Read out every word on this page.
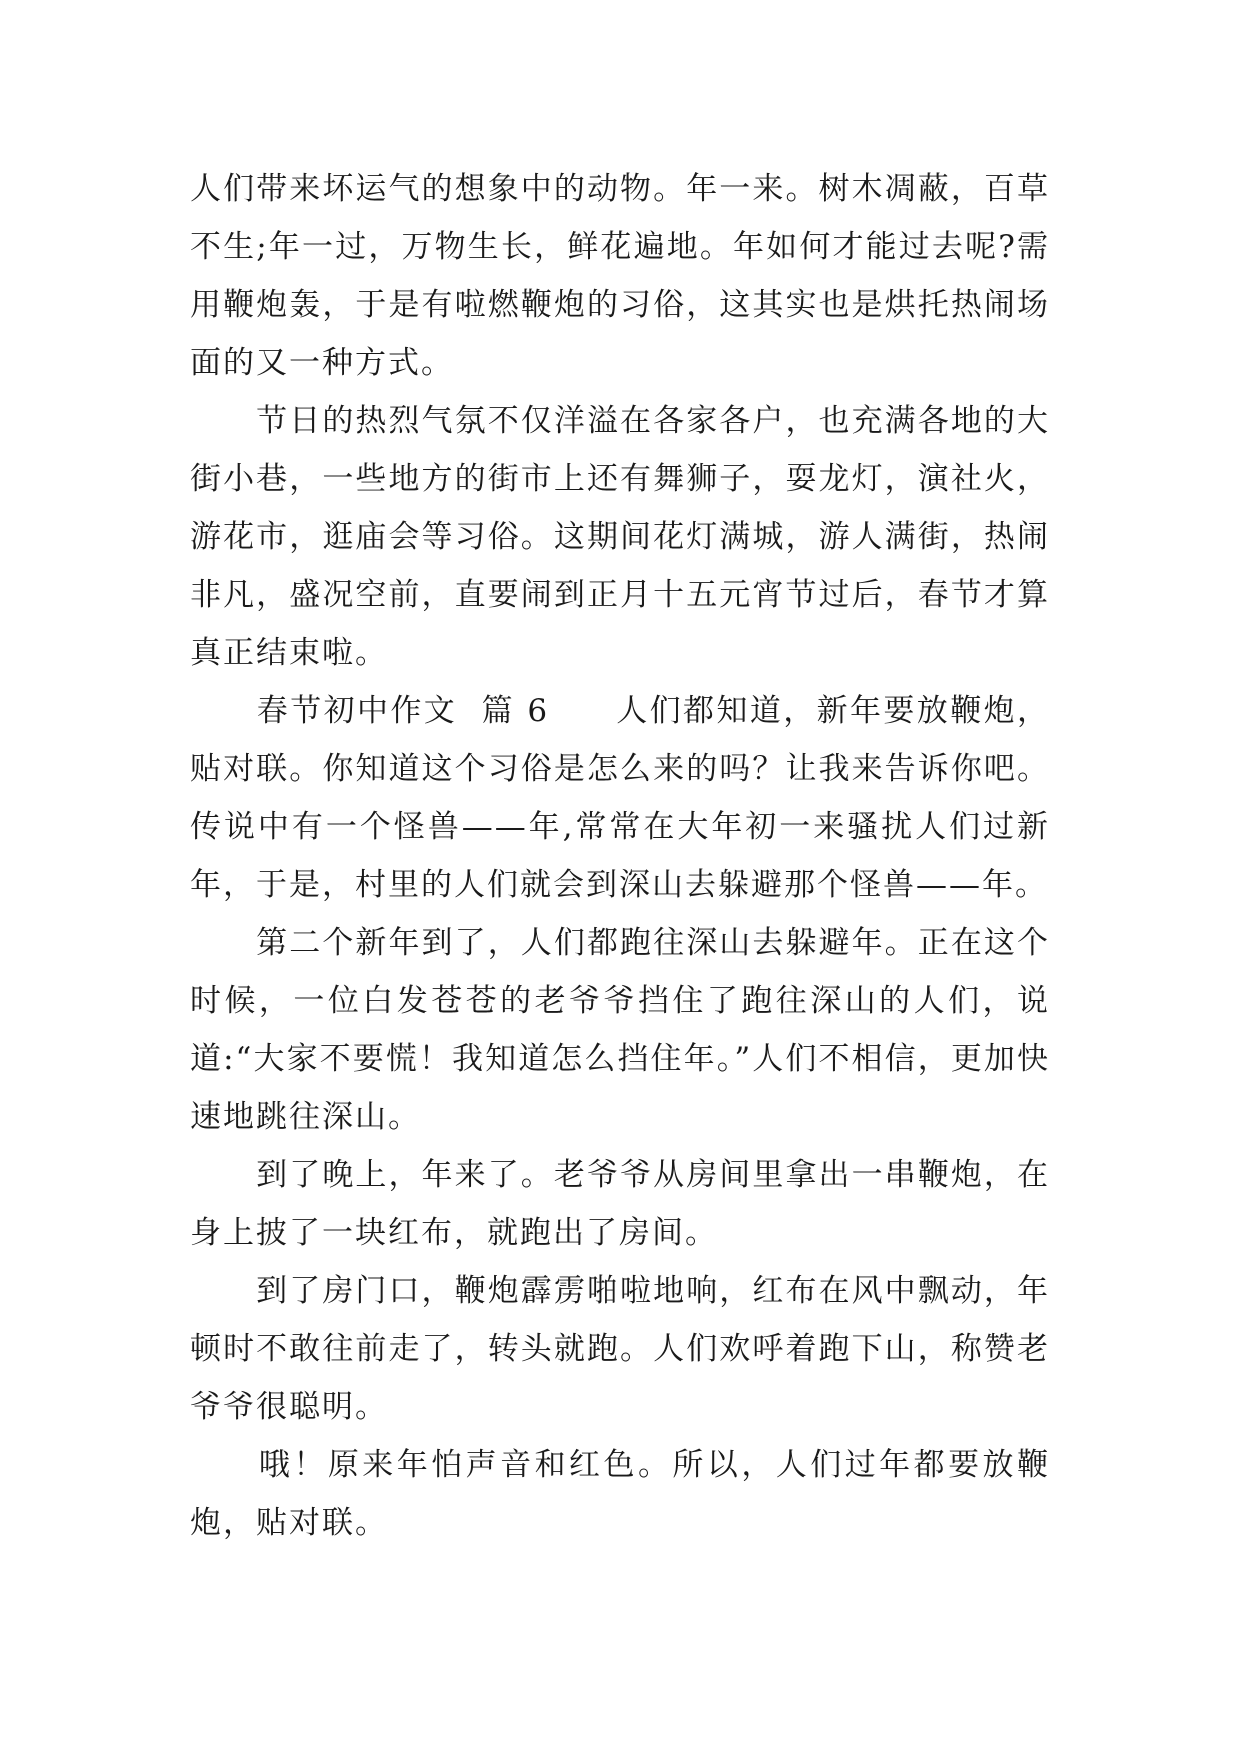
人们带来坏运气的想象中的动物。年一来。树木凋蔽，百草不生;年一过，万物生长，鲜花遍地。年如何才能过去呢?需用鞭炮轰，于是有啦燃鞭炮的习俗，这其实也是烘托热闹场面的又一种方式。

　　节日的热烈气氛不仅洋溢在各家各户，也充满各地的大街小巷，一些地方的街市上还有舞狮子，耍龙灯，演社火，游花市，逛庙会等习俗。这期间花灯满城，游人满街，热闹非凡，盛况空前，直要闹到正月十五元宵节过后，春节才算真正结束啦。

　　春节初中作文  篇 6　　人们都知道，新年要放鞭炮，贴对联。你知道这个习俗是怎么来的吗？让我来告诉你吧。传说中有一个怪兽——年,常常在大年初一来骚扰人们过新年，于是，村里的人们就会到深山去躲避那个怪兽——年。

　　第二个新年到了，人们都跑往深山去躲避年。正在这个时候，一位白发苍苍的老爷爷挡住了跑往深山的人们，说道:“大家不要慌！我知道怎么挡住年。”人们不相信，更加快速地跳往深山。

　　到了晚上，年来了。老爷爷从房间里拿出一串鞭炮，在身上披了一块红布，就跑出了房间。

　　到了房门口，鞭炮霹雳啪啦地响，红布在风中飘动，年顿时不敢往前走了，转头就跑。人们欢呼着跑下山，称赞老爷爷很聪明。

　　哦！原来年怕声音和红色。所以，人们过年都要放鞭炮，贴对联。
